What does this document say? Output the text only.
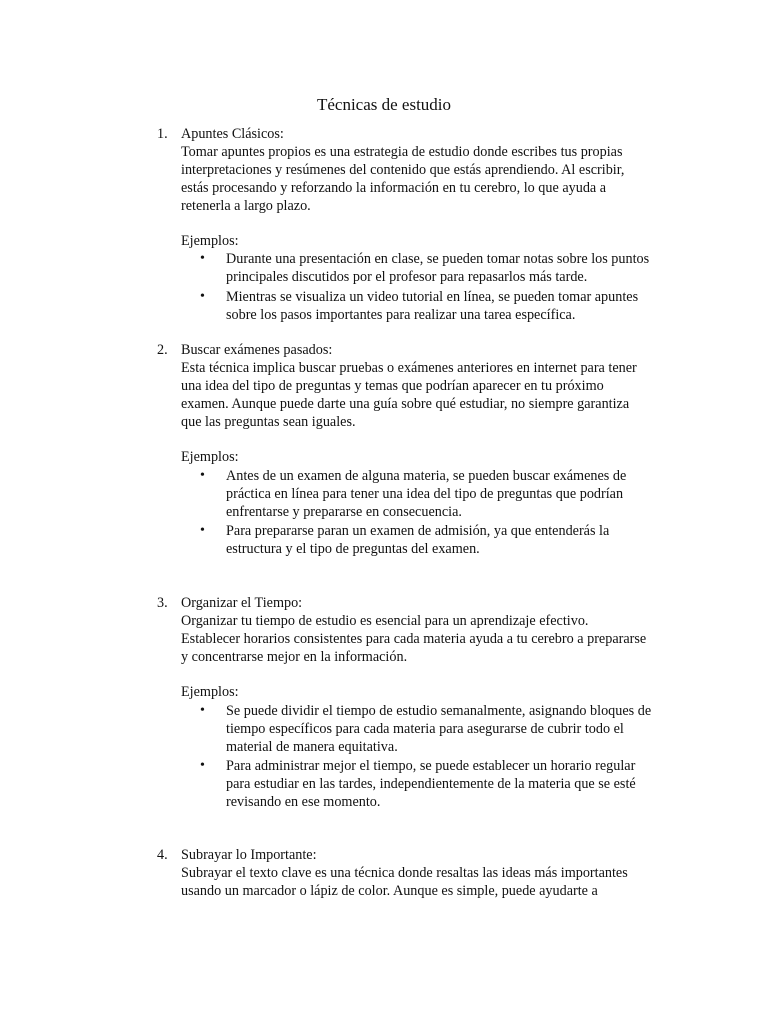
Técnicas de estudio
1. Apuntes Clásicos:
Tomar apuntes propios es una estrategia de estudio donde escribes tus propias
interpretaciones y resúmenes del contenido que estás aprendiendo. Al escribir,
estás procesando y reforzando la información en tu cerebro, lo que ayuda a
retenerla a largo plazo.
Ejemplos:
• Durante una presentación en clase, se pueden tomar notas sobre los puntos
principales discutidos por el profesor para repasarlos más tarde.
• Mientras se visualiza un video tutorial en línea, se pueden tomar apuntes
sobre los pasos importantes para realizar una tarea específica.
2. Buscar exámenes pasados:
Esta técnica implica buscar pruebas o exámenes anteriores en internet para tener
una idea del tipo de preguntas y temas que podrían aparecer en tu próximo
examen. Aunque puede darte una guía sobre qué estudiar, no siempre garantiza
que las preguntas sean iguales.
Ejemplos:
• Antes de un examen de alguna materia, se pueden buscar exámenes de
práctica en línea para tener una idea del tipo de preguntas que podrían
enfrentarse y prepararse en consecuencia.
• Para prepararse paran un examen de admisión, ya que entenderás la
estructura y el tipo de preguntas del examen.
3. Organizar el Tiempo:
Organizar tu tiempo de estudio es esencial para un aprendizaje efectivo.
Establecer horarios consistentes para cada materia ayuda a tu cerebro a prepararse
y concentrarse mejor en la información.
Ejemplos:
• Se puede dividir el tiempo de estudio semanalmente, asignando bloques de
tiempo específicos para cada materia para asegurarse de cubrir todo el
material de manera equitativa.
• Para administrar mejor el tiempo, se puede establecer un horario regular
para estudiar en las tardes, independientemente de la materia que se esté
revisando en ese momento.
4. Subrayar lo Importante:
Subrayar el texto clave es una técnica donde resaltas las ideas más importantes
usando un marcador o lápiz de color. Aunque es simple, puede ayudarte a
